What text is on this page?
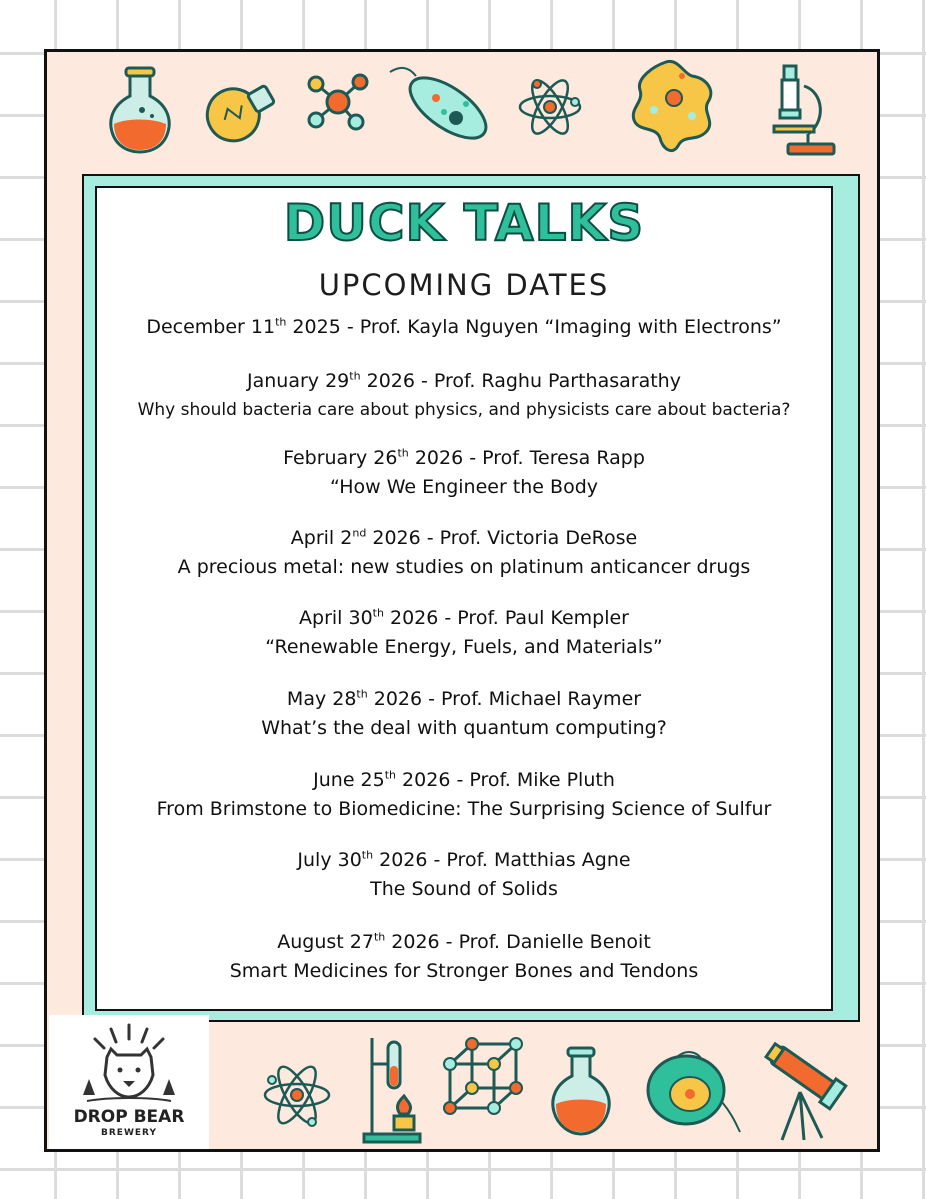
DUCK TALKS
UPCOMING DATES
December 11th 2025 - Prof. Kayla Nguyen “Imaging with Electrons”
January 29th 2026 - Prof. Raghu Parthasarathy
Why should bacteria care about physics, and physicists care about bacteria?
February 26th 2026 - Prof. Teresa Rapp
“How We Engineer the Body
April 2nd 2026 - Prof. Victoria DeRose
A precious metal: new studies on platinum anticancer drugs
April 30th 2026 - Prof. Paul Kempler
“Renewable Energy, Fuels, and Materials”
May 28th 2026 - Prof. Michael Raymer
What’s the deal with quantum computing?
June 25th 2026 - Prof. Mike Pluth
From Brimstone to Biomedicine: The Surprising Science of Sulfur
July 30th 2026 - Prof. Matthias Agne
The Sound of Solids
August 27th 2026 - Prof. Danielle Benoit
Smart Medicines for Stronger Bones and Tendons
DROP BEAR
BREWERY
